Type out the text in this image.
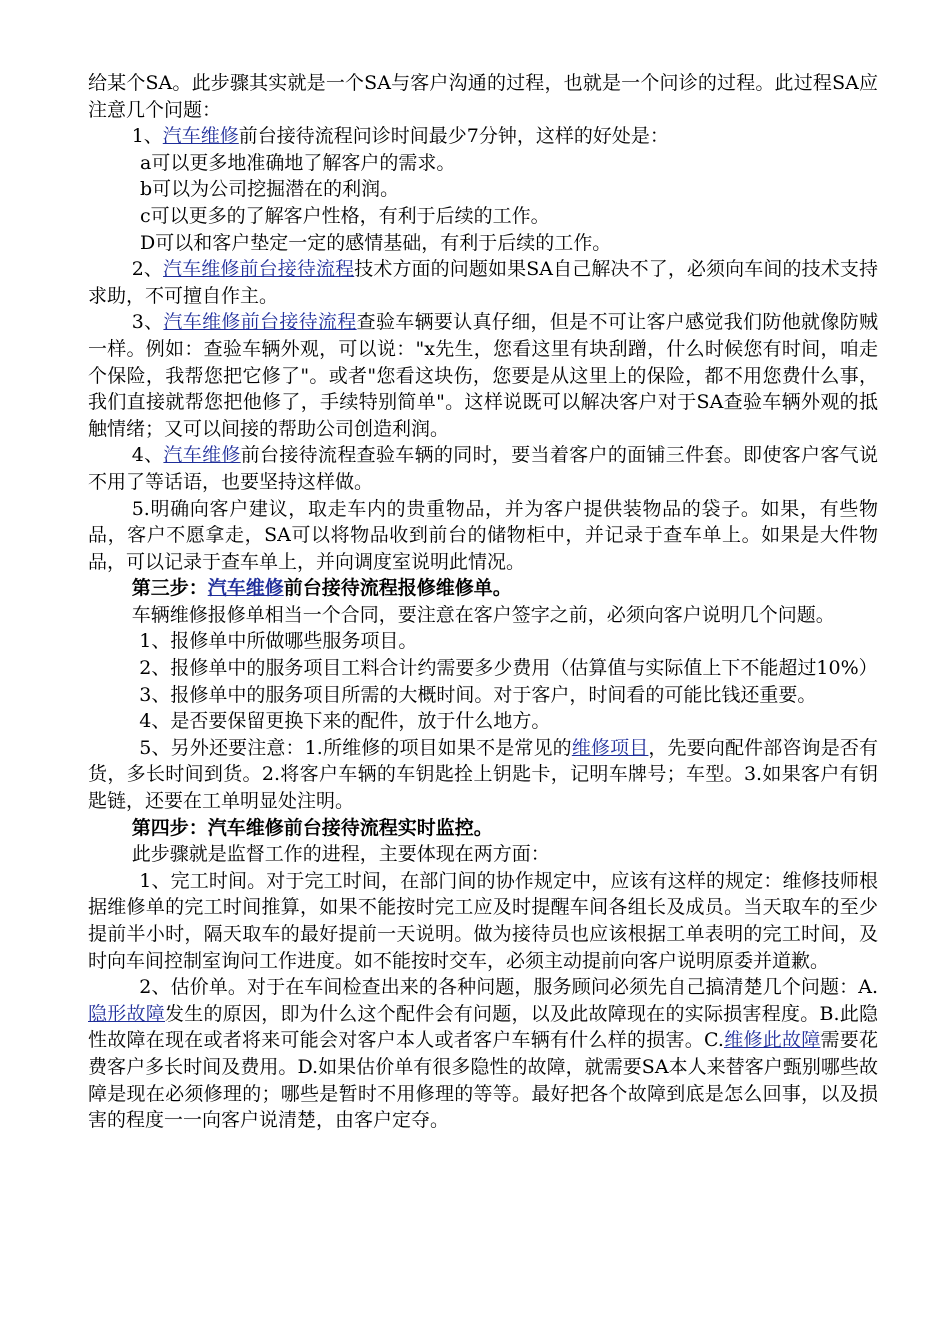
给某个SA。此步骤其实就是一个SA与客户沟通的过程，也就是一个问诊的过程。此过程SA应注意几个问题：

1、汽车维修前台接待流程问诊时间最少7分钟，这样的好处是：

a可以更多地准确地了解客户的需求。

b可以为公司挖掘潜在的利润。

c可以更多的了解客户性格，有利于后续的工作。

D可以和客户垫定一定的感情基础，有利于后续的工作。

2、汽车维修前台接待流程技术方面的问题如果SA自己解决不了，必须向车间的技术支持求助，不可擅自作主。

3、汽车维修前台接待流程查验车辆要认真仔细，但是不可让客户感觉我们防他就像防贼一样。例如：查验车辆外观，可以说："x先生，您看这里有块刮蹭，什么时候您有时间，咱走个保险，我帮您把它修了"。或者"您看这块伤，您要是从这里上的保险，都不用您费什么事，我们直接就帮您把他修了，手续特别简单"。这样说既可以解决客户对于SA查验车辆外观的抵触情绪；又可以间接的帮助公司创造利润。

4、汽车维修前台接待流程查验车辆的同时，要当着客户的面铺三件套。即使客户客气说不用了等话语，也要坚持这样做。

5.明确向客户建议，取走车内的贵重物品，并为客户提供装物品的袋子。如果，有些物品，客户不愿拿走，SA可以将物品收到前台的储物柜中，并记录于查车单上。如果是大件物品，可以记录于查车单上，并向调度室说明此情况。

第三步：汽车维修前台接待流程报修维修单。

车辆维修报修单相当一个合同，要注意在客户签字之前，必须向客户说明几个问题。

1、报修单中所做哪些服务项目。

2、报修单中的服务项目工料合计约需要多少费用（估算值与实际值上下不能超过10%）

3、报修单中的服务项目所需的大概时间。对于客户，时间看的可能比钱还重要。

4、是否要保留更换下来的配件，放于什么地方。

5、另外还要注意：1.所维修的项目如果不是常见的维修项目，先要向配件部咨询是否有货，多长时间到货。2.将客户车辆的车钥匙拴上钥匙卡，记明车牌号；车型。3.如果客户有钥匙链，还要在工单明显处注明。

第四步：汽车维修前台接待流程实时监控。

此步骤就是监督工作的进程，主要体现在两方面：

1、完工时间。对于完工时间，在部门间的协作规定中，应该有这样的规定：维修技师根据维修单的完工时间推算，如果不能按时完工应及时提醒车间各组长及成员。当天取车的至少提前半小时，隔天取车的最好提前一天说明。做为接待员也应该根据工单表明的完工时间，及时向车间控制室询问工作进度。如不能按时交车，必须主动提前向客户说明原委并道歉。

2、估价单。对于在车间检查出来的各种问题，服务顾问必须先自己搞清楚几个问题：A.隐形故障发生的原因，即为什么这个配件会有问题，以及此故障现在的实际损害程度。B.此隐性故障在现在或者将来可能会对客户本人或者客户车辆有什么样的损害。C.维修此故障需要花费客户多长时间及费用。D.如果估价单有很多隐性的故障，就需要SA本人来替客户甄别哪些故障是现在必须修理的；哪些是暂时不用修理的等等。最好把各个故障到底是怎么回事，以及损害的程度一一向客户说清楚，由客户定夺。
